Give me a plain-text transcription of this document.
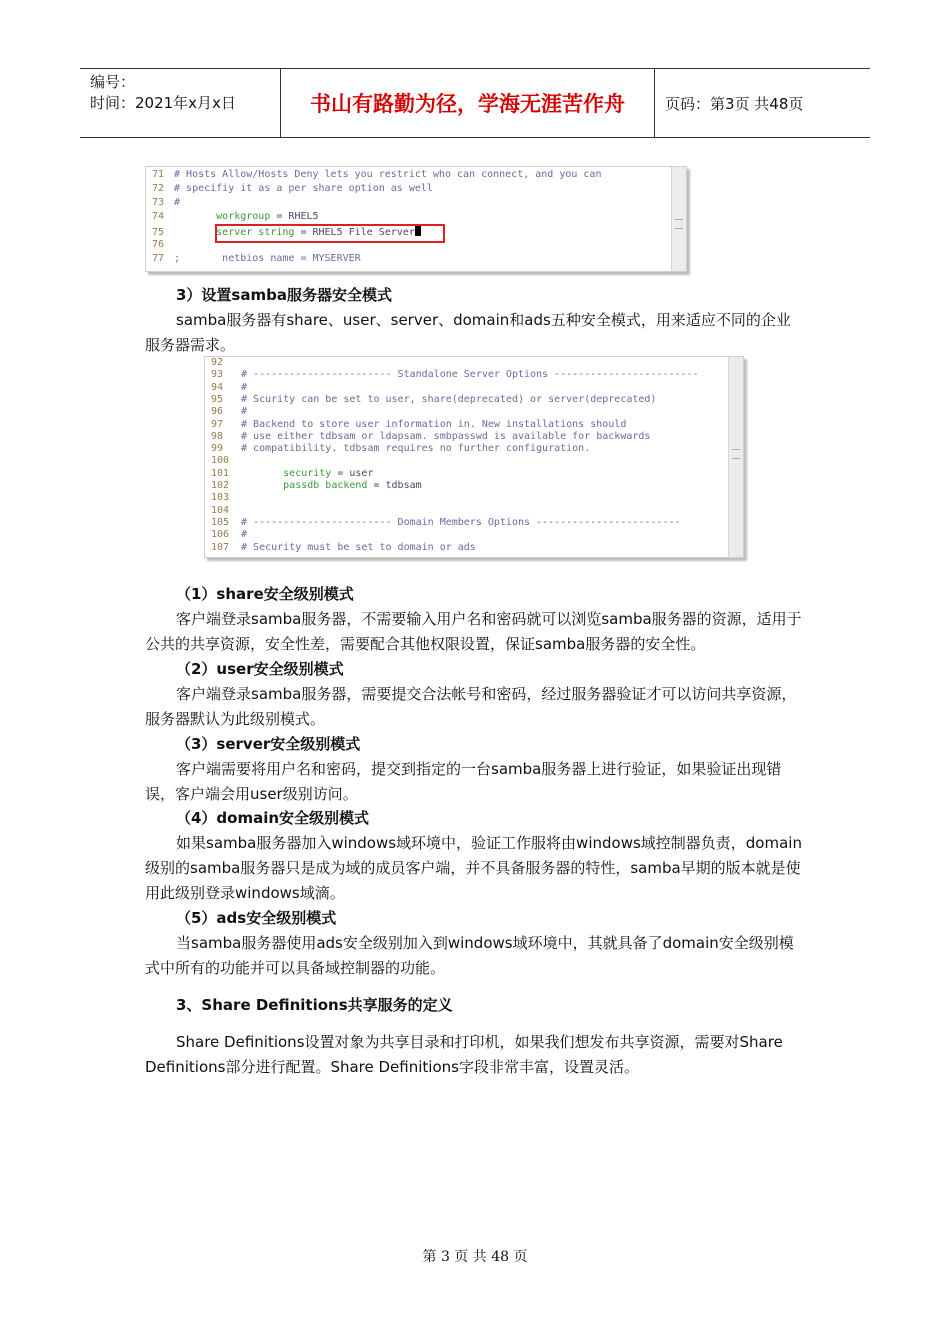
编号：
时间：2021年x月x日	书山有路勤为径，学海无涯苦作舟	页码：第3页 共48页
71 # Hosts Allow/Hosts Deny lets you restrict who can connect, and you can
72 # specifiy it as a per share option as well
73 #
74        workgroup = RHEL5
75        server string = RHEL5 File Server
76
77 ;       netbios name = MYSERVER
3）设置samba服务器安全模式
samba服务器有share、user、server、domain和ads五种安全模式，用来适应不同的企业服务器需求。
92
93 # ----------------------- Standalone Server Options ------------------------
94 #
95 # Scurity can be set to user, share(deprecated) or server(deprecated)
96 #
97 # Backend to store user information in. New installations should
98 # use either tdbsam or ldapsam. smbpasswd is available for backwards
99 # compatibility. tdbsam requires no further configuration.
100
101        security = user
102        passdb backend = tdbsam
103
104
105 # ----------------------- Domain Members Options ------------------------
106 #
107 # Security must be set to domain or ads
（1）share安全级别模式
客户端登录samba服务器，不需要输入用户名和密码就可以浏览samba服务器的资源，适用于公共的共享资源，安全性差，需要配合其他权限设置，保证samba服务器的安全性。
（2）user安全级别模式
客户端登录samba服务器，需要提交合法帐号和密码，经过服务器验证才可以访问共享资源，服务器默认为此级别模式。
（3）server安全级别模式
客户端需要将用户名和密码，提交到指定的一台samba服务器上进行验证，如果验证出现错误，客户端会用user级别访问。
（4）domain安全级别模式
如果samba服务器加入windows域环境中，验证工作服将由windows域控制器负责，domain级别的samba服务器只是成为域的成员客户端，并不具备服务器的特性，samba早期的版本就是使用此级别登录windows域滴。
（5）ads安全级别模式
当samba服务器使用ads安全级别加入到windows域环境中，其就具备了domain安全级别模式中所有的功能并可以具备域控制器的功能。
3、Share Definitions共享服务的定义
Share Definitions设置对象为共享目录和打印机，如果我们想发布共享资源，需要对Share Definitions部分进行配置。Share Definitions字段非常丰富，设置灵活。
第 3 页 共 48 页
